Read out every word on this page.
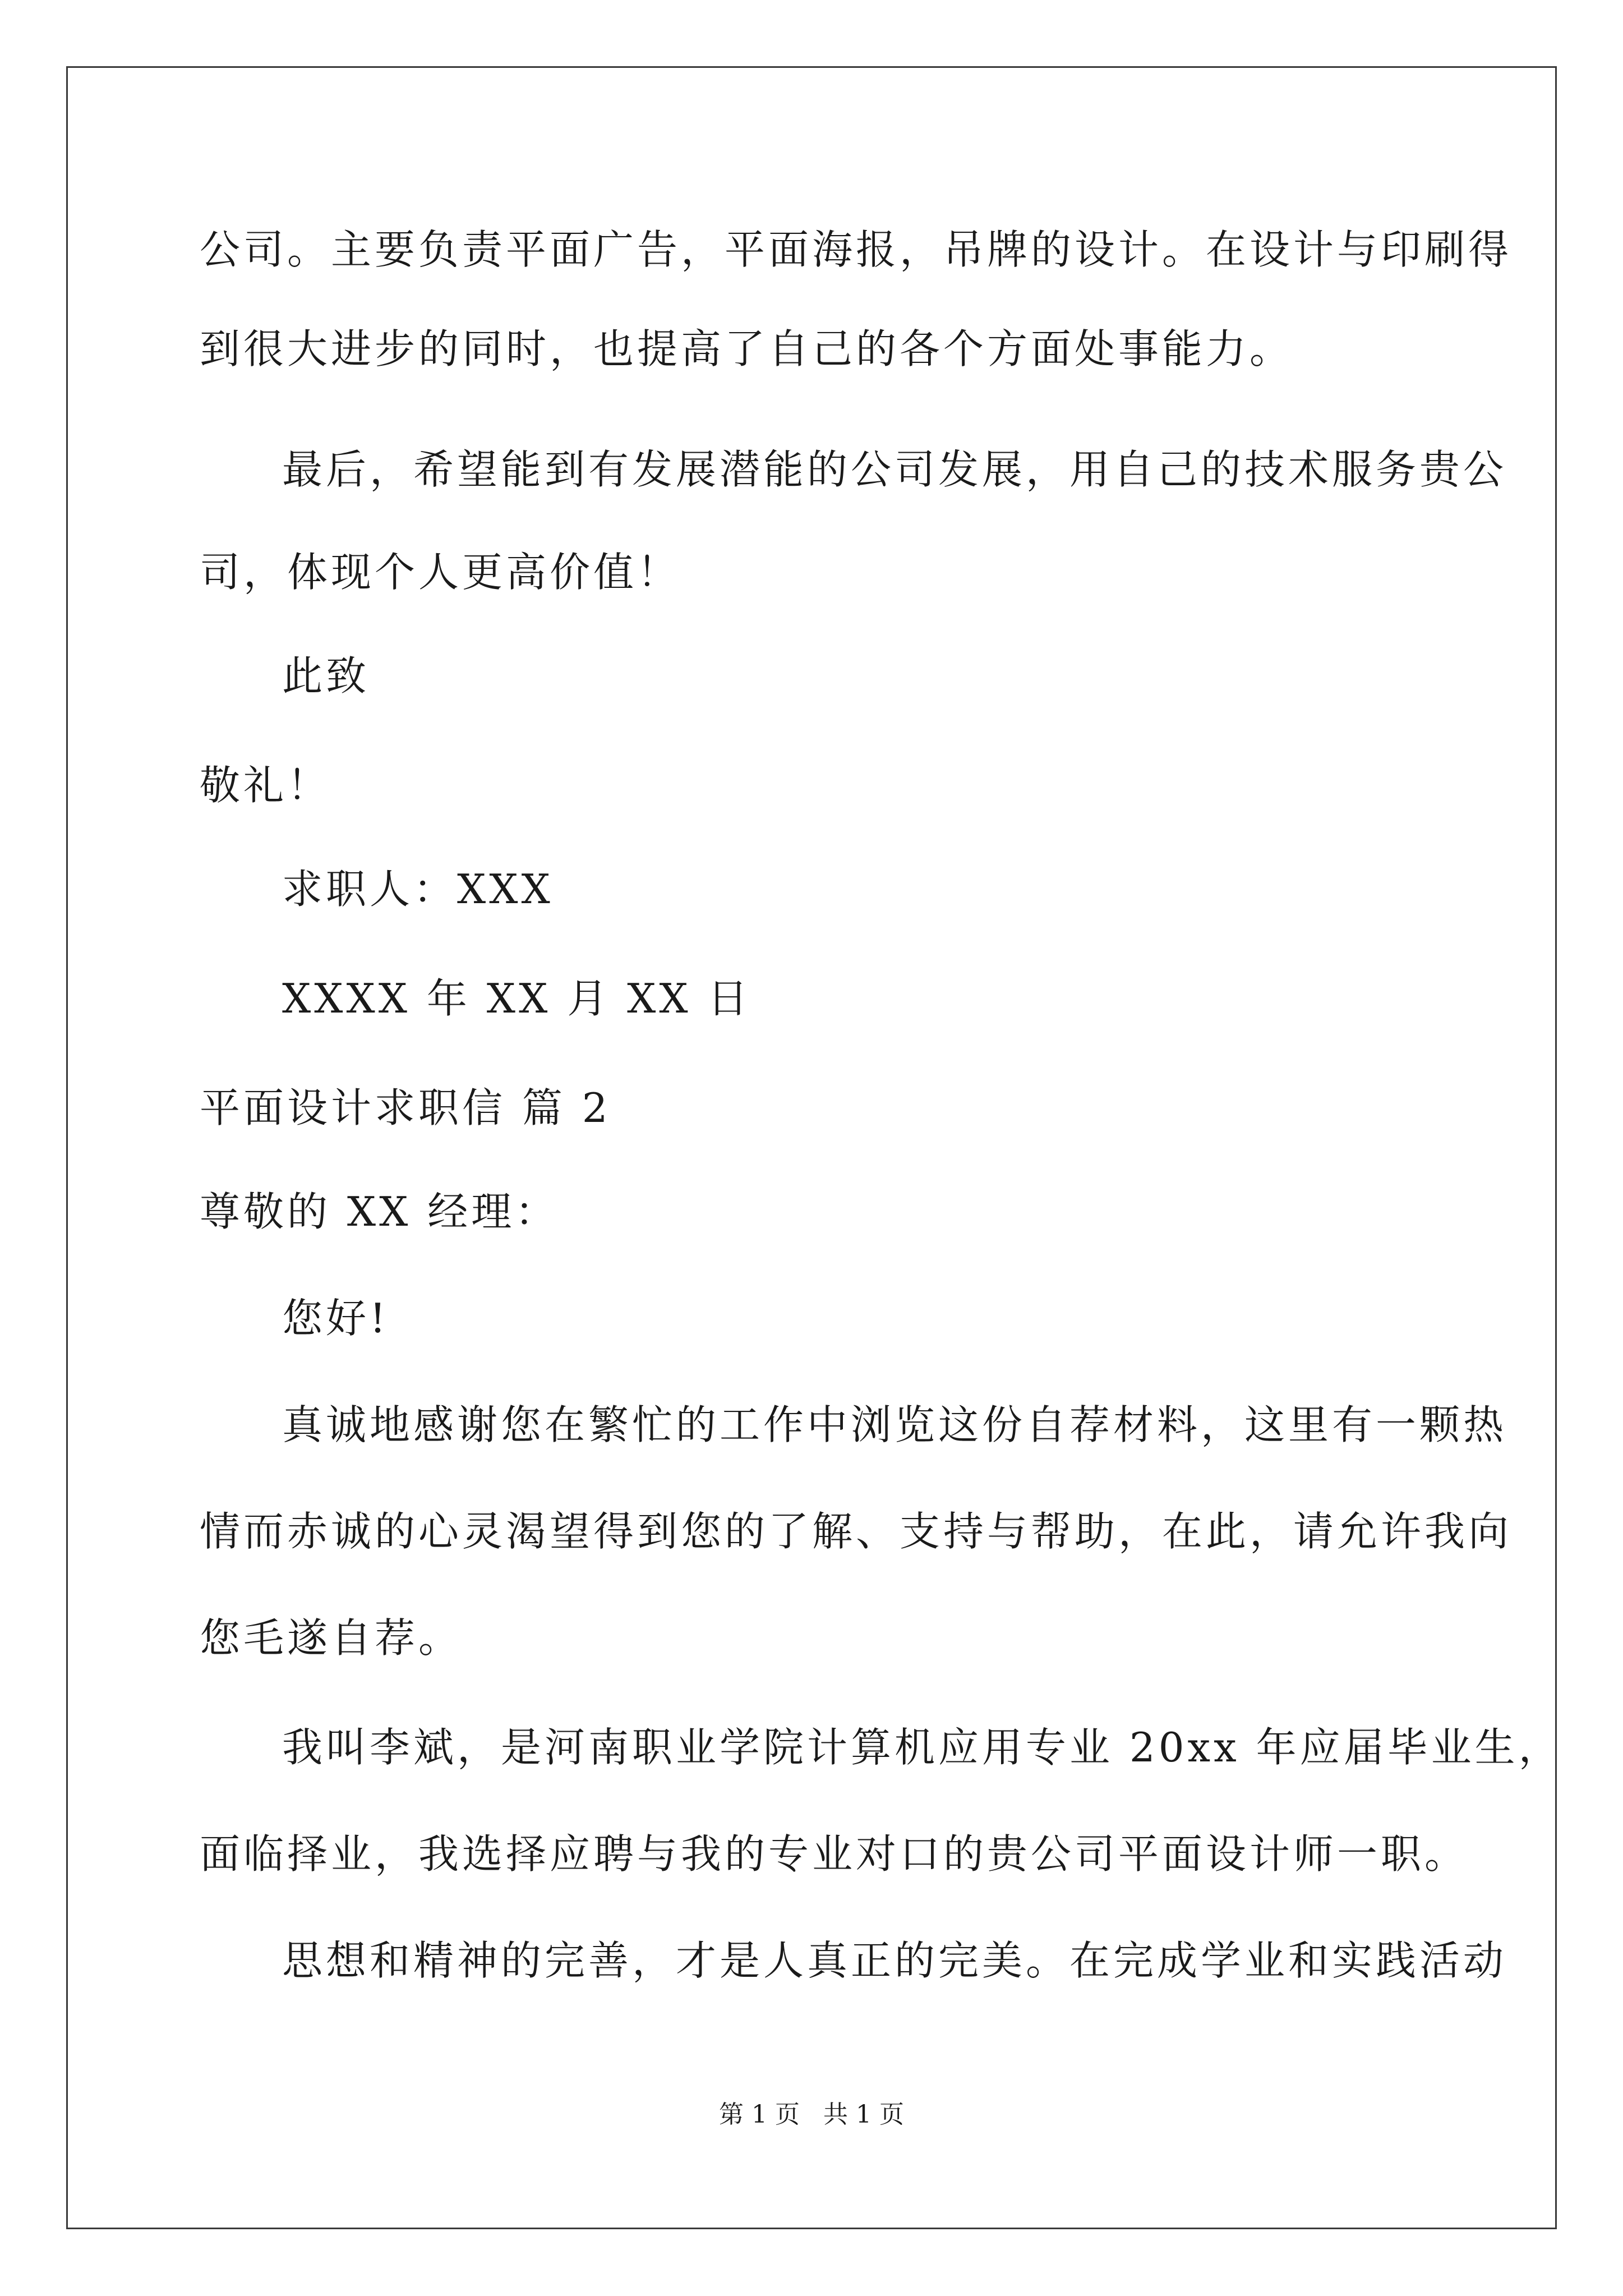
公司。主要负责平面广告，平面海报，吊牌的设计。在设计与印刷得
到很大进步的同时，也提高了自己的各个方面处事能力。
最后，希望能到有发展潜能的公司发展，用自己的技术服务贵公
司，体现个人更高价值！
此致
敬礼！
求职人：XXX
XXXX 年 XX 月 XX 日
平面设计求职信 篇 2
尊敬的 XX 经理：
您好!
真诚地感谢您在繁忙的工作中浏览这份自荐材料，这里有一颗热
情而赤诚的心灵渴望得到您的了解、支持与帮助，在此，请允许我向
您毛遂自荐。
我叫李斌，是河南职业学院计算机应用专业 20xx 年应届毕业生，
面临择业，我选择应聘与我的专业对口的贵公司平面设计师一职。
思想和精神的完善，才是人真正的完美。在完成学业和实践活动
第 1 页   共 1 页
